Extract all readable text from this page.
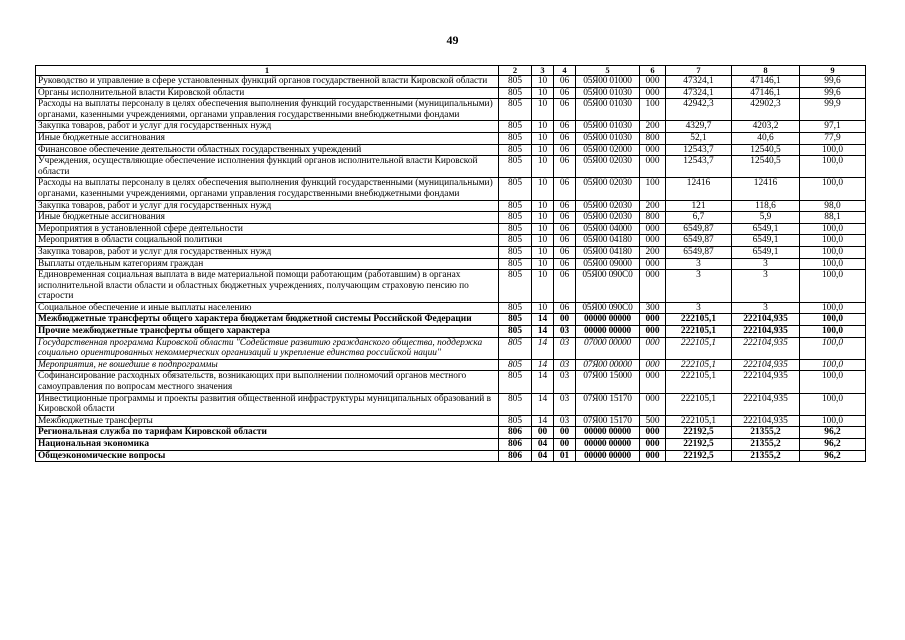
49
1	2	3	4	5	6	7	8	9
Руководство и управление в сфере установленных функций органов государственной власти Кировской области	805	10	06	05Я00 01000	000	47324,1	47146,1	99,6
Органы исполнительной власти Кировской области	805	10	06	05Я00 01030	000	47324,1	47146,1	99,6
Расходы на выплаты персоналу в целях обеспечения выполнения функций государственными (муниципальными) органами, казенными учреждениями, органами управления государственными внебюджетными фондами	805	10	06	05Я00 01030	100	42942,3	42902,3	99,9
Закупка товаров, работ и услуг для государственных нужд	805	10	06	05Я00 01030	200	4329,7	4203,2	97,1
Иные бюджетные ассигнования	805	10	06	05Я00 01030	800	52,1	40,6	77,9
Финансовое обеспечение деятельности областных государственных учреждений	805	10	06	05Я00 02000	000	12543,7	12540,5	100,0
Учреждения, осуществляющие обеспечение исполнения функций органов исполнительной власти Кировской области	805	10	06	05Я00 02030	000	12543,7	12540,5	100,0
Расходы на выплаты персоналу в целях обеспечения выполнения функций государственными (муниципальными) органами, казенными учреждениями, органами управления государственными внебюджетными фондами	805	10	06	05Я00 02030	100	12416	12416	100,0
Закупка товаров, работ и услуг для государственных нужд	805	10	06	05Я00 02030	200	121	118,6	98,0
Иные бюджетные ассигнования	805	10	06	05Я00 02030	800	6,7	5,9	88,1
Мероприятия в установленной сфере деятельности	805	10	06	05Я00 04000	000	6549,87	6549,1	100,0
Мероприятия в области социальной политики	805	10	06	05Я00 04180	000	6549,87	6549,1	100,0
Закупка товаров, работ и услуг для государственных нужд	805	10	06	05Я00 04180	200	6549,87	6549,1	100,0
Выплаты отдельным категориям граждан	805	10	06	05Я00 09000	000	3	3	100,0
Единовременная социальная выплата в виде материальной помощи работающим (работавшим) в органах исполнительной власти области и областных бюджетных учреждениях, получающим страховую пенсию по старости	805	10	06	05Я00 090С0	000	3	3	100,0
Социальное обеспечение и иные выплаты населению	805	10	06	05Я00 090С0	300	3	3	100,0
Межбюджетные трансферты общего характера бюджетам бюджетной системы Российской Федерации	805	14	00	00000 00000	000	222105,1	222104,935	100,0
Прочие межбюджетные трансферты общего характера	805	14	03	00000 00000	000	222105,1	222104,935	100,0
Государственная программа Кировской области "Содействие развитию гражданского общества, поддержка социально ориентированных некоммерческих организаций и укрепление единства российской нации"	805	14	03	07000 00000	000	222105,1	222104,935	100,0
Мероприятия, не вошедшие в подпрограммы	805	14	03	07Я00 00000	000	222105,1	222104,935	100,0
Софинансирование расходных обязательств, возникающих при выполнении полномочий органов местного самоуправления по вопросам местного значения	805	14	03	07Я00 15000	000	222105,1	222104,935	100,0
Инвестиционные программы и проекты развития общественной инфраструктуры муниципальных образований в Кировской области	805	14	03	07Я00 15170	000	222105,1	222104,935	100,0
Межбюджетные трансферты	805	14	03	07Я00 15170	500	222105,1	222104,935	100,0
Региональная служба по тарифам Кировской области	806	00	00	00000 00000	000	22192,5	21355,2	96,2
Национальная экономика	806	04	00	00000 00000	000	22192,5	21355,2	96,2
Общеэкономические вопросы	806	04	01	00000 00000	000	22192,5	21355,2	96,2
